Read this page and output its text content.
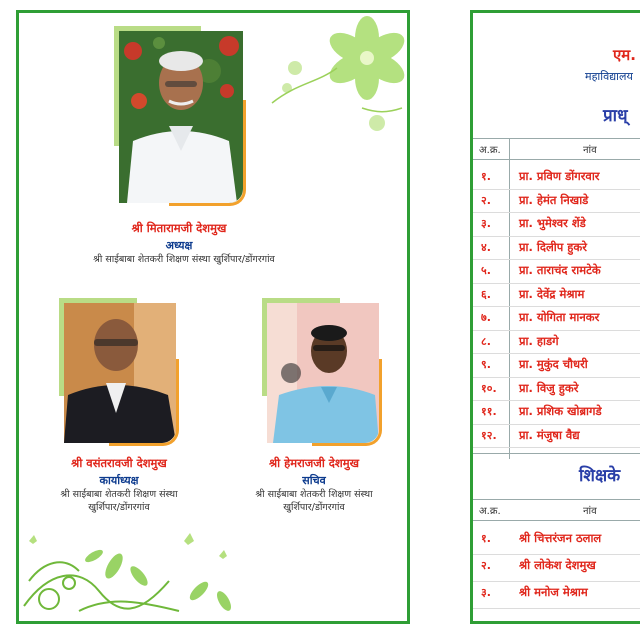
श्री मितारामजी देशमुख
अध्यक्ष
श्री साईबाबा शेतकरी शिक्षण संस्था खुर्शिपार/डोंगरगांव
श्री वसंतरावजी देशमुख
कार्याध्यक्ष
श्री साईबाबा शेतकरी शिक्षण संस्था
खुर्शिपार/डोंगरगांव
श्री हेमराजजी देशमुख
सचिव
श्री साईबाबा शेतकरी शिक्षण संस्था
खुर्शिपार/डोंगरगांव
एम.
महाविद्यालय
प्राध्
अ.क्र.	नांव
१.	प्रा. प्रविण डोंगरवार
२.	प्रा. हेमंत निखाडे
३.	प्रा. भुमेश्वर शेंडे
४.	प्रा. दिलीप हुकरे
५.	प्रा. ताराचंद रामटेके
६.	प्रा. देवेंद्र मेश्राम
७.	प्रा. योगिता मानकर
८.	प्रा. हाडगे
९.	प्रा. मुकुंद चौधरी
१०.	प्रा. विजु हुकरे
११.	प्रा. प्रशिक खोब्रागडे
१२.	प्रा. मंजुषा वैद्य
शिक्षके
अ.क्र.	नांव
१.	श्री चित्तरंजन ठलाल
२.	श्री लोकेश देशमुख
३.	श्री मनोज मेश्राम
